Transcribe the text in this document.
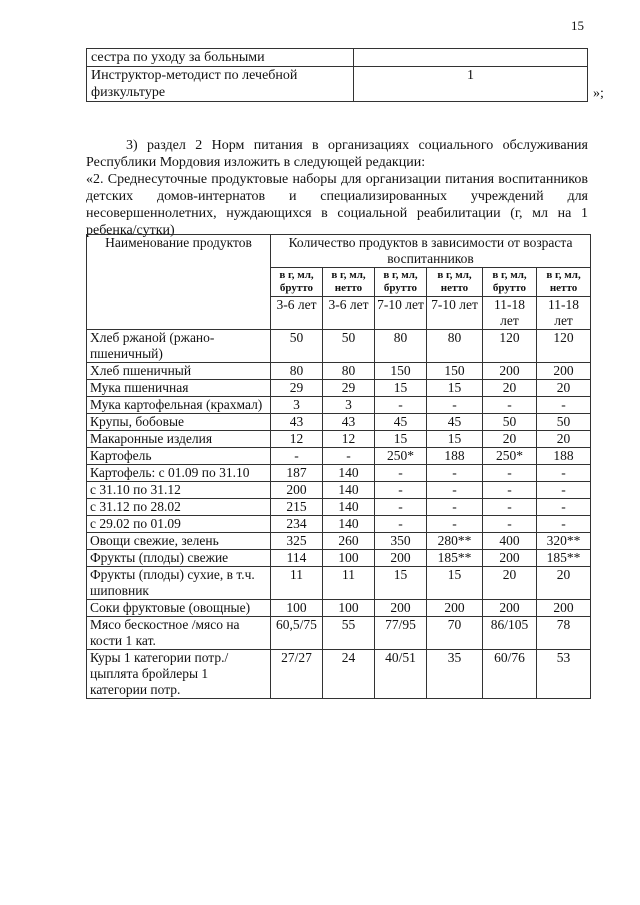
15
сестра по уходу за больными	
Инструктор-методист по лечебной физкультуре	1
»;

3) раздел 2 Норм питания в организациях социального обслуживания Республики Мордовия изложить в следующей редакции:

«2. Среднесуточные продуктовые наборы для организации питания воспитанников детских домов-интернатов и специализированных учреждений для несовершеннолетних, нуждающихся в социальной реабилитации (г, мл на 1 ребенка/сутки)

Наименование продуктов	Количество продуктов в зависимости от возраста воспитанников					
	в г, мл, брутто	в г, мл, нетто	в г, мл, брутто	в г, мл, нетто	в г, мл, брутто	в г, мл, нетто
	3-6 лет	3-6 лет	7-10 лет	7-10 лет	11-18 лет	11-18 лет
Хлеб ржаной (ржано-пшеничный)	50	50	80	80	120	120
Хлеб пшеничный	80	80	150	150	200	200
Мука пшеничная	29	29	15	15	20	20
Мука картофельная (крахмал)	3	3	-	-	-	-
Крупы, бобовые	43	43	45	45	50	50
Макаронные изделия	12	12	15	15	20	20
Картофель	-	-	250*	188	250*	188
Картофель: с 01.09 по 31.10	187	140	-	-	-	-
с 31.10 по 31.12	200	140	-	-	-	-
с 31.12 по 28.02	215	140	-	-	-	-
с 29.02 по 01.09	234	140	-	-	-	-
Овощи свежие, зелень	325	260	350	280**	400	320**
Фрукты (плоды) свежие	114	100	200	185**	200	185**
Фрукты (плоды) сухие, в т.ч. шиповник	11	11	15	15	20	20
Соки фруктовые (овощные)	100	100	200	200	200	200
Мясо бескостное /мясо на кости 1 кат.	60,5/75	55	77/95	70	86/105	78
Куры 1 категории потр./цыплята бройлеры 1 категории потр.	27/27	24	40/51	35	60/76	53
